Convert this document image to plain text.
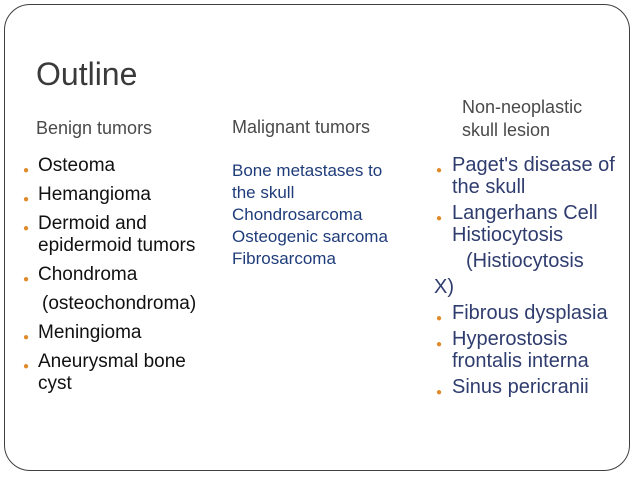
Outline
Benign tumors	Malignant tumors
Non-neoplastic
skull lesion
● Osteoma
● Hemangioma
● Dermoid and epidermoid tumors
● Chondroma
(osteochondroma)
● Meningioma
● Aneurysmal bone cyst
Bone metastases to
the skull
Chondrosarcoma
Osteogenic sarcoma
Fibrosarcoma
● Paget's disease of the skull
● Langerhans Cell Histiocytosis
(Histiocytosis
X)
● Fibrous dysplasia
● Hyperostosis frontalis interna
● Sinus pericranii
